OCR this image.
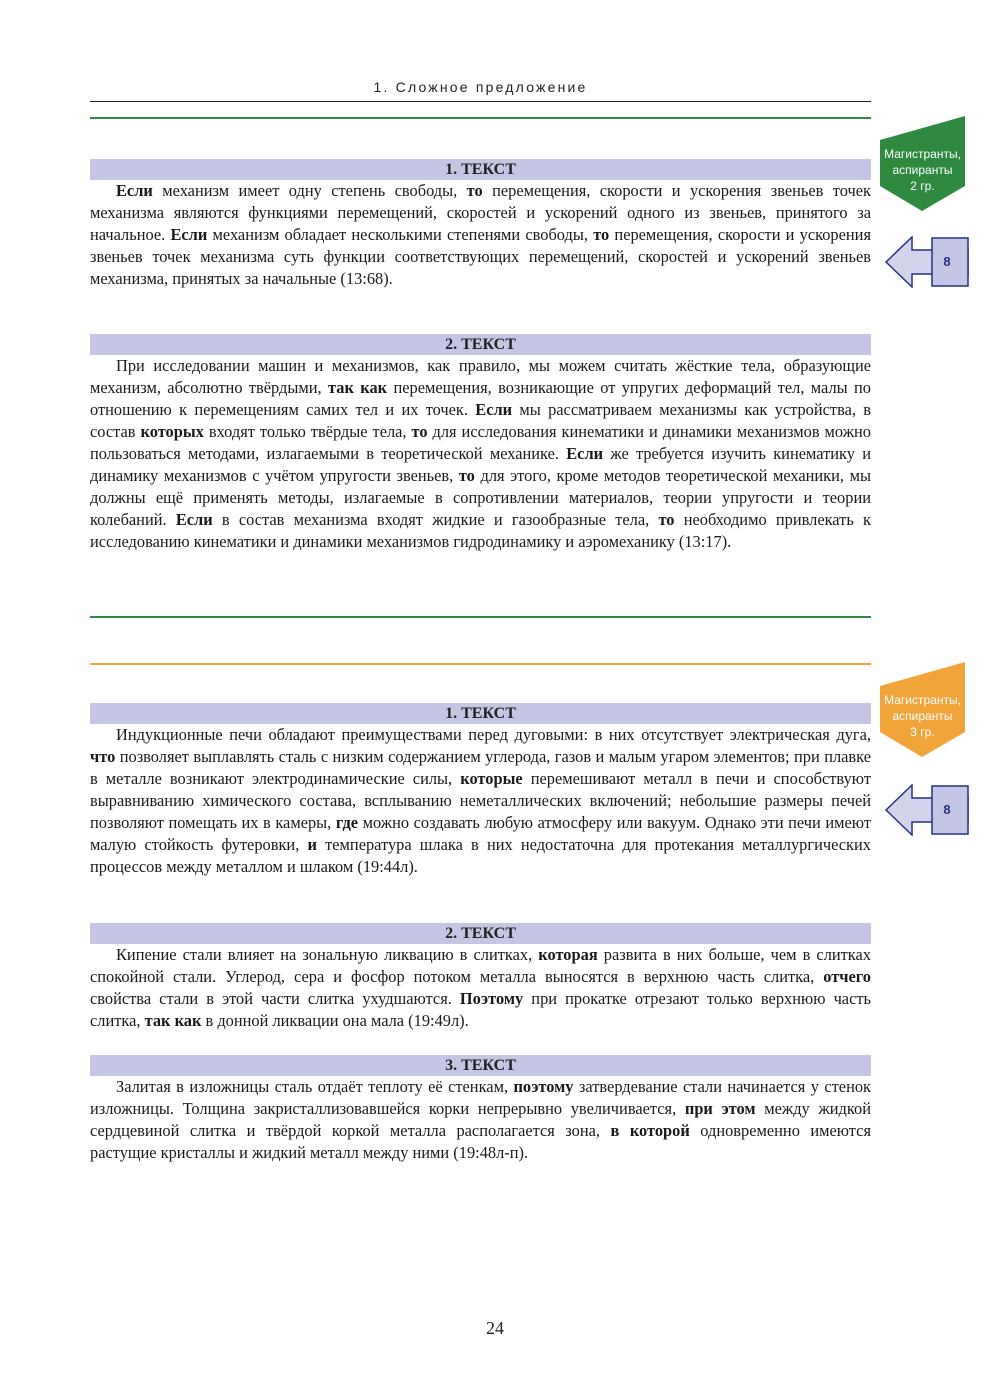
1. Сложное предложение
1. ТЕКСТ

Если механизм имеет одну степень свободы, то перемещения, скорости и ускорения звеньев точек механизма являются функциями перемещений, скоростей и ускорений одного из звеньев, принятого за начальное. Если механизм обладает несколькими степенями свободы, то перемещения, скорости и ускорения звеньев точек механизма суть функции соответствующих перемещений, скоростей и ускорений звеньев механизма, принятых за начальные (13:68).

2. ТЕКСТ

При исследовании машин и механизмов, как правило, мы можем считать жёсткие тела, образующие механизм, абсолютно твёрдыми, так как перемещения, возникающие от упругих деформаций тел, малы по отношению к перемещениям самих тел и их точек. Если мы рассматриваем механизмы как устройства, в состав которых входят только твёрдые тела, то для исследования кинематики и динамики механизмов можно пользоваться методами, излагаемыми в теоретической механике. Если же требуется изучить кинематику и динамику механизмов с учётом упругости звеньев, то для этого, кроме методов теоретической механики, мы должны ещё применять методы, излагаемые в сопротивлении материалов, теории упругости и теории колебаний. Если в состав механизма входят жидкие и газообразные тела, то необходимо привлекать к исследованию кинематики и динамики механизмов гидродинамику и аэромеханику (13:17).

Магистранты,
аспиранты
2 гр.
8
1. ТЕКСТ

Индукционные печи обладают преимуществами перед дуговыми: в них отсутствует электрическая дуга, что позволяет выплавлять сталь с низким содержанием углерода, газов и малым угаром элементов; при плавке в металле возникают электродинамические силы, которые перемешивают металл в печи и способствуют выравниванию химического состава, всплыванию неметаллических включений; небольшие размеры печей позволяют помещать их в камеры, где можно создавать любую атмосферу или вакуум. Однако эти печи имеют малую стойкость футеровки, и температура шлака в них недостаточна для протекания металлургических процессов между металлом и шлаком (19:44л).

2. ТЕКСТ

Кипение стали влияет на зональную ликвацию в слитках, которая развита в них больше, чем в слитках спокойной стали. Углерод, сера и фосфор потоком металла выносятся в верхнюю часть слитка, отчего свойства стали в этой части слитка ухудшаются. Поэтому при прокатке отрезают только верхнюю часть слитка, так как в донной ликвации она мала (19:49л).

3. ТЕКСТ

Залитая в изложницы сталь отдаёт теплоту её стенкам, поэтому затвердевание стали начинается у стенок изложницы. Толщина закристаллизовавшейся корки непрерывно увеличивается, при этом между жидкой сердцевиной слитка и твёрдой коркой металла располагается зона, в которой одновременно имеются растущие кристаллы и жидкий металл между ними (19:48л-п).

Магистранты,
аспиранты
3 гр.
8
24
